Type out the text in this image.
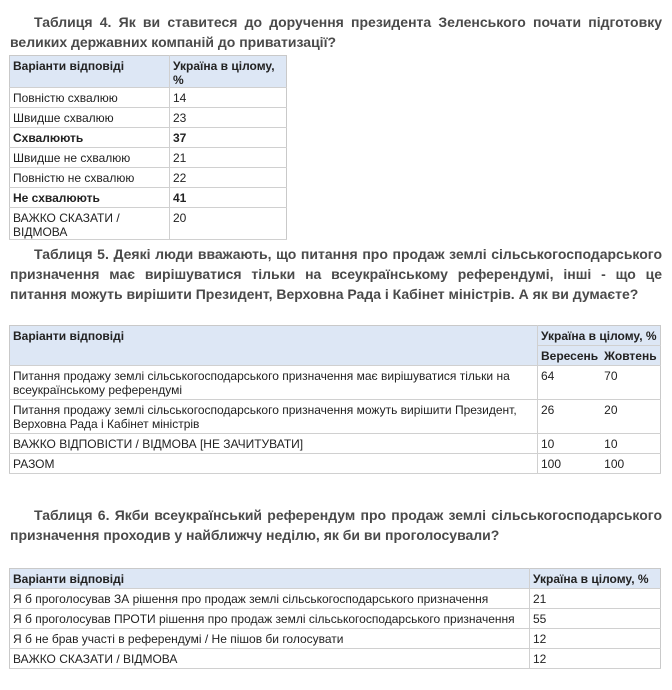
Таблиця 4. Як ви ставитеся до доручення президента Зеленського почати підготовку великих державних компаній до приватизації?

Варіанти відповіді	Україна в цілому, %
Повністю схвалюю	14
Швидше схвалюю	23
Схвалюють	37
Швидше не схвалюю	21
Повністю не схвалюю	22
Не схвалюють	41
ВАЖКО СКАЗАТИ / ВІДМОВА	20

Таблиця 5. Деякі люди вважають, що питання про продаж землі сільськогосподарського призначення має вирішуватися тільки на всеукраїнському референдумі, інші - що це питання можуть вирішити Президент, Верховна Рада і Кабінет міністрів. А як ви думаєте?

Варіанти відповіді	Україна в цілому, %	
	Вересень	Жовтень
Питання продажу землі сільськогосподарського призначення має вирішуватися тільки на всеукраїнському референдумі	64	70
Питання продажу землі сільськогосподарського призначення можуть вирішити Президент, Верховна Рада і Кабінет міністрів	26	20
ВАЖКО ВІДПОВІСТИ / ВІДМОВА [НЕ ЗАЧИТУВАТИ]	10	10
РАЗОМ	100	100

Таблиця 6. Якби всеукраїнський референдум про продаж землі сільськогосподарського призначення проходив у найближчу неділю, як би ви проголосували?

Варіанти відповіді	Україна в цілому, %
Я б проголосував ЗА рішення про продаж землі сільськогосподарського призначення	21
Я б проголосував ПРОТИ рішення про продаж землі сільськогосподарського призначення	55
Я б не брав участі в референдумі / Не пішов би голосувати	12
ВАЖКО СКАЗАТИ / ВІДМОВА	12
